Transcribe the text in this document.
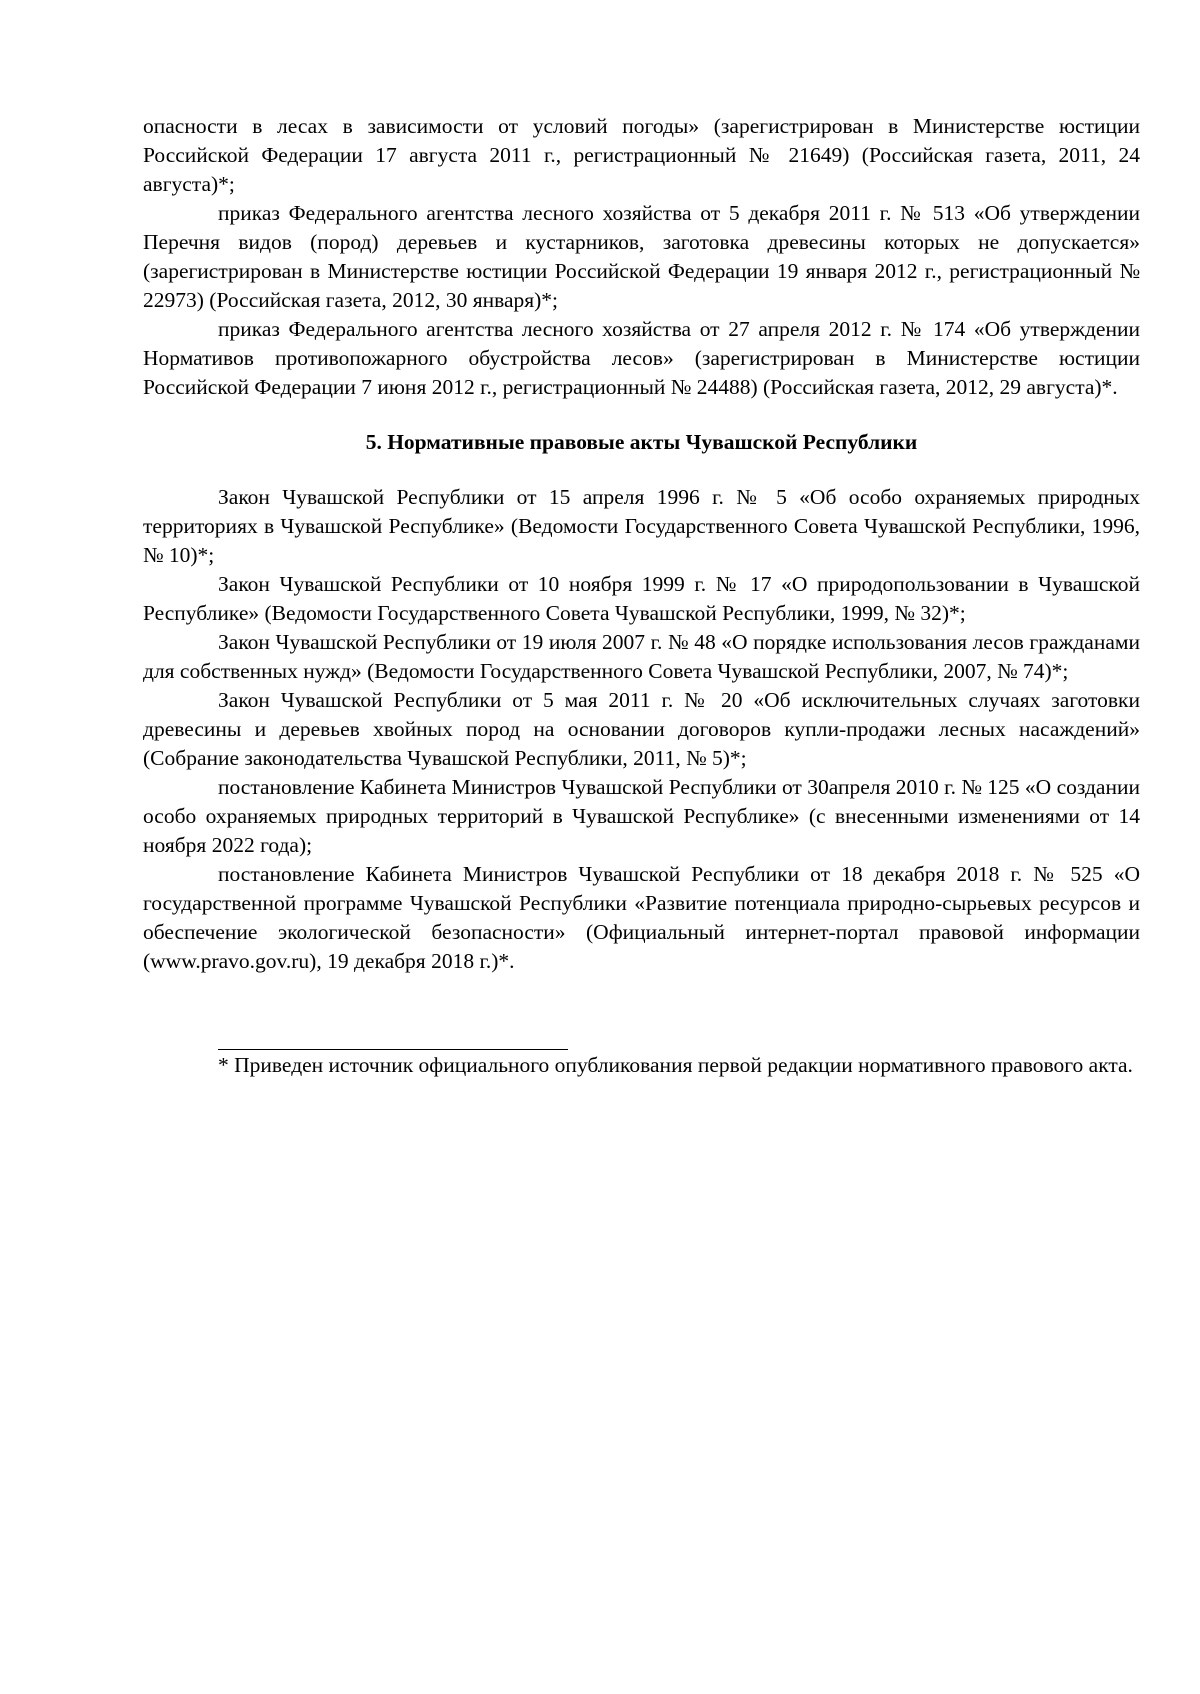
опасности в лесах в зависимости от условий погоды» (зарегистрирован в Министерстве юстиции Российской Федерации 17 августа 2011 г., регистрационный № 21649) (Российская газета, 2011, 24 августа)*;

приказ Федерального агентства лесного хозяйства от 5 декабря 2011 г. № 513 «Об утверждении Перечня видов (пород) деревьев и кустарников, заготовка древесины которых не допускается» (зарегистрирован в Министерстве юстиции Российской Федерации 19 января 2012 г., регистрационный № 22973) (Российская газета, 2012, 30 января)*;

приказ Федерального агентства лесного хозяйства от 27 апреля 2012 г. № 174 «Об утверждении Нормативов противопожарного обустройства лесов» (зарегистрирован в Министерстве юстиции Российской Федерации 7 июня 2012 г., регистрационный № 24488) (Российская газета, 2012, 29 августа)*.

5. Нормативные правовые акты Чувашской Республики

Закон Чувашской Республики от 15 апреля 1996 г. № 5 «Об особо охраняемых природных территориях в Чувашской Республике» (Ведомости Государственного Совета Чувашской Республики, 1996, № 10)*;

Закон Чувашской Республики от 10 ноября 1999 г. № 17 «О природопользовании в Чувашской Республике» (Ведомости Государственного Совета Чувашской Республики, 1999, № 32)*;

Закон Чувашской Республики от 19 июля 2007 г. № 48 «О порядке использования лесов гражданами для собственных нужд» (Ведомости Государственного Совета Чувашской Республики, 2007, № 74)*;

Закон Чувашской Республики от 5 мая 2011 г. № 20 «Об исключительных случаях заготовки древесины и деревьев хвойных пород на основании договоров купли-продажи лесных насаждений» (Собрание законодательства Чувашской Республики, 2011, № 5)*;

постановление Кабинета Министров Чувашской Республики от 30апреля 2010 г. № 125 «О создании особо охраняемых природных территорий в Чувашской Республике» (с внесенными изменениями от 14 ноября 2022 года);

постановление Кабинета Министров Чувашской Республики от 18 декабря 2018 г. № 525 «О государственной программе Чувашской Республики «Развитие потенциала природно-сырьевых ресурсов и обеспечение экологической безопасности» (Официальный интернет-портал правовой информации (www.pravo.gov.ru), 19 декабря 2018 г.)*.

* Приведен источник официального опубликования первой редакции нормативного правового акта.
